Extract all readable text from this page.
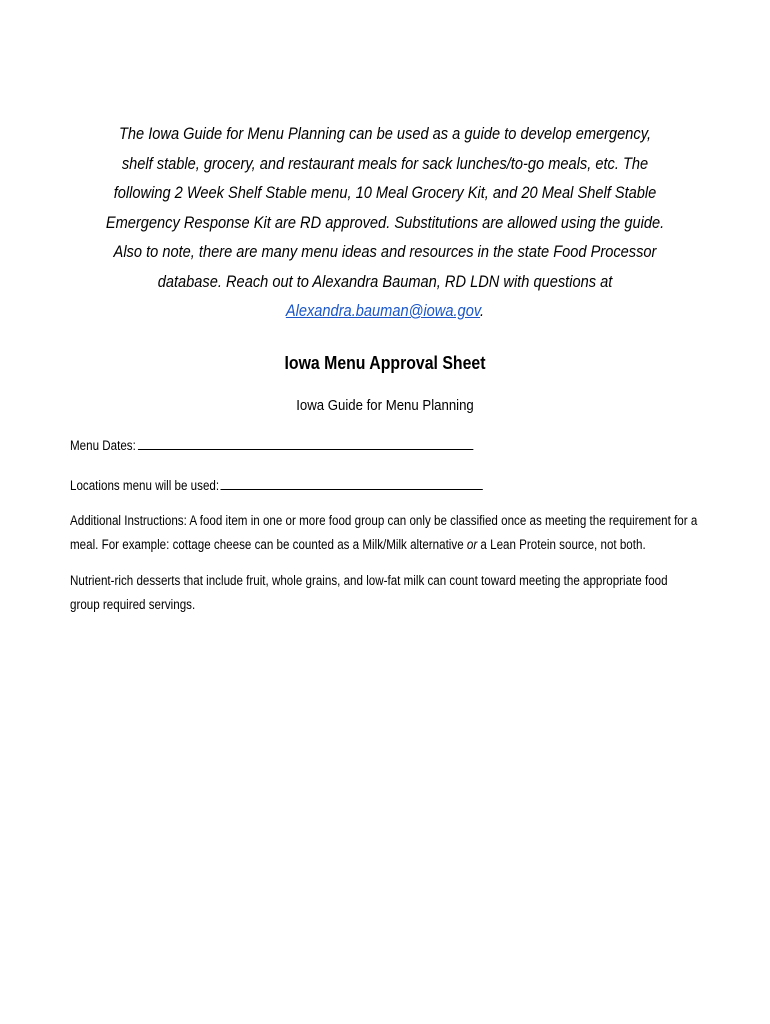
The Iowa Guide for Menu Planning can be used as a guide to develop emergency, shelf stable, grocery, and restaurant meals for sack lunches/to-go meals, etc. The following 2 Week Shelf Stable menu, 10 Meal Grocery Kit, and 20 Meal Shelf Stable Emergency Response Kit are RD approved. Substitutions are allowed using the guide. Also to note, there are many menu ideas and resources in the state Food Processor database. Reach out to Alexandra Bauman, RD LDN with questions at Alexandra.bauman@iowa.gov.
Iowa Menu Approval Sheet
Iowa Guide for Menu Planning
Menu Dates:
Locations menu will be used:
Additional Instructions: A food item in one or more food group can only be classified once as meeting the requirement for a meal. For example: cottage cheese can be counted as a Milk/Milk alternative or a Lean Protein source, not both.
Nutrient-rich desserts that include fruit, whole grains, and low-fat milk can count toward meeting the appropriate food group required servings.
